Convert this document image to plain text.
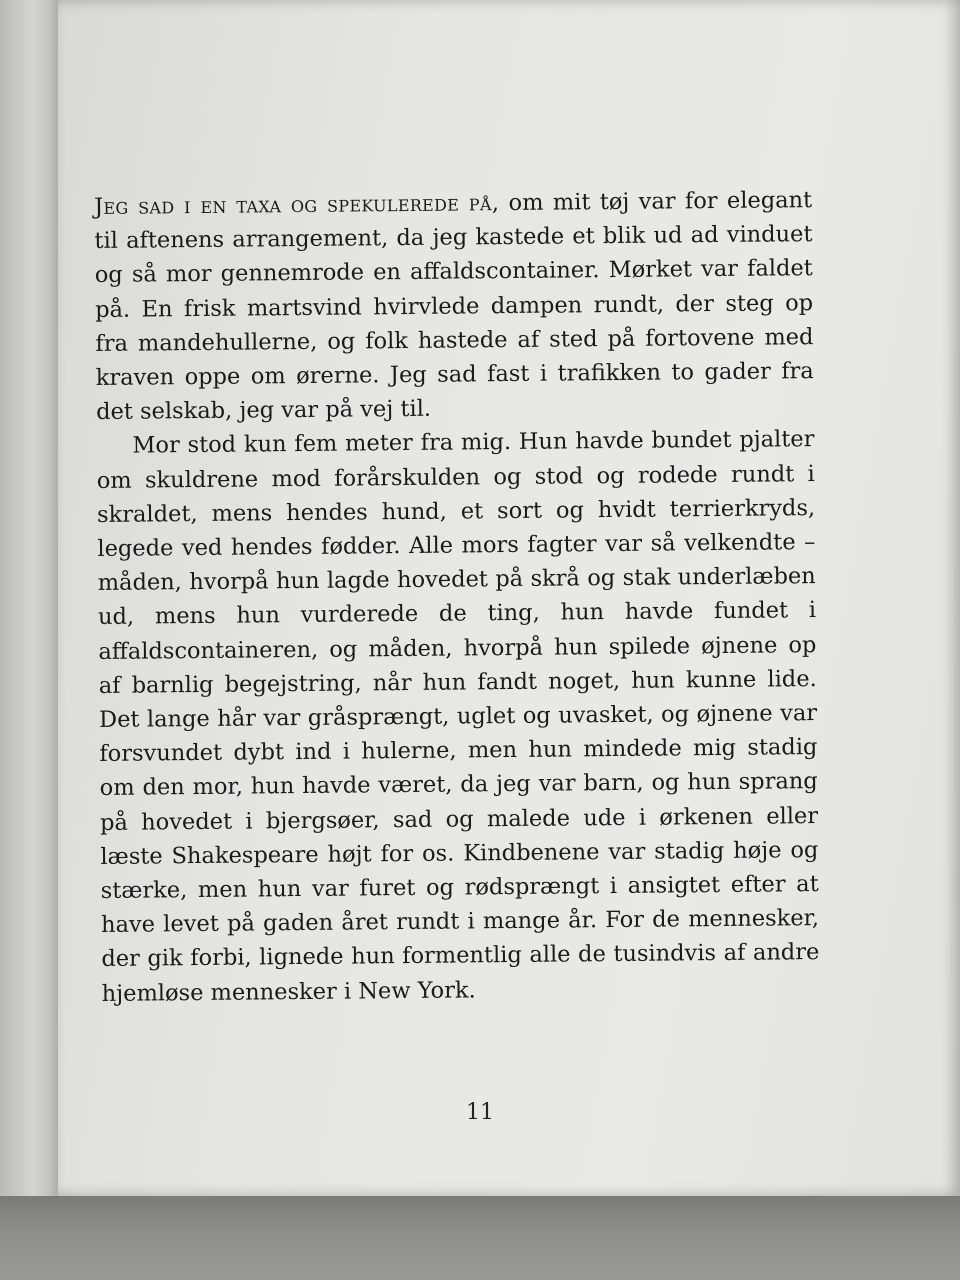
Jeg sad i en taxa og spekulerede på, om mit tøj var for elegant til aftenens arrangement, da jeg kastede et blik ud ad vinduet og så mor gennemrode en affaldscontainer. Mørket var faldet på. En frisk martsvind hvirvlede dampen rundt, der steg op fra mandehullerne, og folk hastede af sted på fortovene med kraven oppe om ørerne. Jeg sad fast i trafikken to gader fra det selskab, jeg var på vej til.

Mor stod kun fem meter fra mig. Hun havde bundet pjalter om skuldrene mod forårskulden og stod og rodede rundt i skraldet, mens hendes hund, et sort og hvidt terrierkryds, legede ved hendes fødder. Alle mors fagter var så velkendte – måden, hvorpå hun lagde hovedet på skrå og stak underlæben ud, mens hun vurderede de ting, hun havde fundet i affaldscontaineren, og måden, hvorpå hun spilede øjnene op af barnlig begejstring, når hun fandt noget, hun kunne lide. Det lange hår var gråsprængt, uglet og uvasket, og øjnene var forsvundet dybt ind i hulerne, men hun mindede mig stadig om den mor, hun havde været, da jeg var barn, og hun sprang på hovedet i bjergsøer, sad og malede ude i ørkenen eller læste Shakespeare højt for os. Kindbenene var stadig høje og stærke, men hun var furet og rødsprængt i ansigtet efter at have levet på gaden året rundt i mange år. For de mennesker, der gik forbi, lignede hun formentlig alle de tusindvis af andre hjemløse mennesker i New York.

11
